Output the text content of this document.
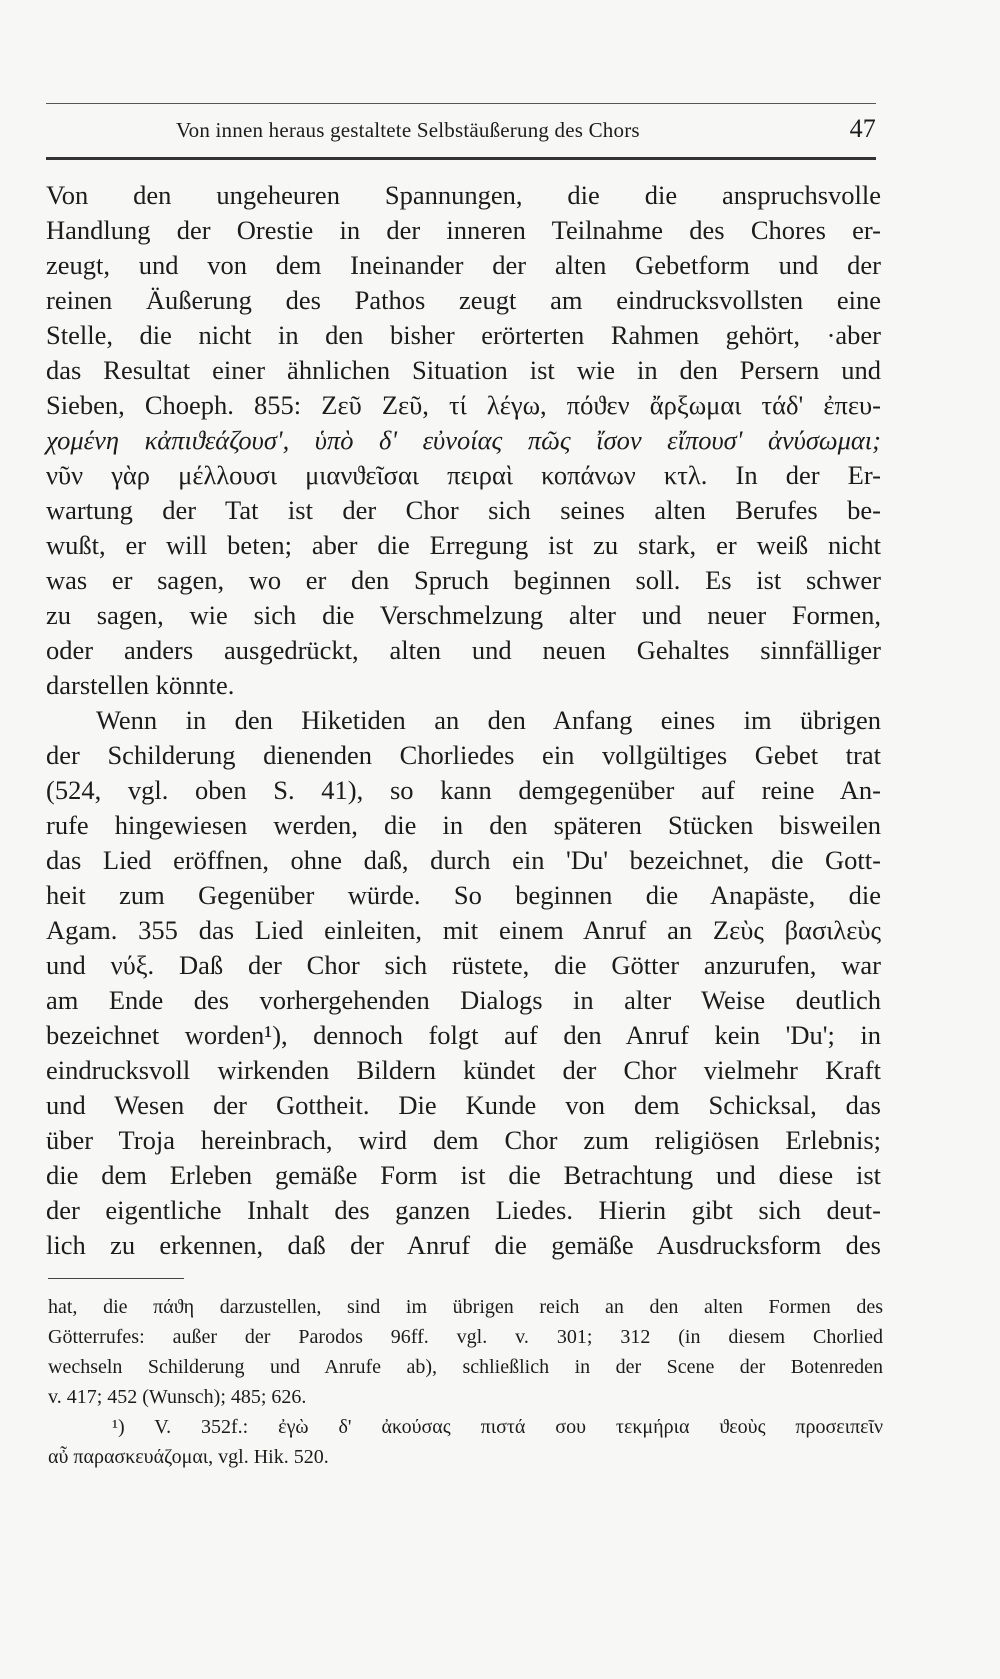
Von innen heraus gestaltete Selbstäußerung des Chors	47
Von den ungeheuren Spannungen, die die anspruchsvolle
Handlung der Orestie in der inneren Teilnahme des Chores er-
zeugt, und von dem Ineinander der alten Gebetform und der
reinen Äußerung des Pathos zeugt am eindrucksvollsten eine
Stelle, die nicht in den bisher erörterten Rahmen gehört, ·aber
das Resultat einer ähnlichen Situation ist wie in den Persern und
Sieben, Choeph. 855: Ζεῦ Ζεῦ, τί λέγω, πόϑεν ἄρξωμαι τάδ' ἐπευ-
χομένη κἀπιϑεάζουσ', ὑπὸ δ' εὐνοίας πῶς ἴσον εἴπουσ' ἀνύσωμαι;
νῦν γὰρ μέλλουσι μιανϑεῖσαι πειραὶ κοπάνων κτλ. In der Er-
wartung der Tat ist der Chor sich seines alten Berufes be-
wußt, er will beten; aber die Erregung ist zu stark, er weiß nicht
was er sagen, wo er den Spruch beginnen soll. Es ist schwer
zu sagen, wie sich die Verschmelzung alter und neuer Formen,
oder anders ausgedrückt, alten und neuen Gehaltes sinnfälliger
darstellen könnte.
Wenn in den Hiketiden an den Anfang eines im übrigen
der Schilderung dienenden Chorliedes ein vollgültiges Gebet trat
(524, vgl. oben S. 41), so kann demgegenüber auf reine An-
rufe hingewiesen werden, die in den späteren Stücken bisweilen
das Lied eröffnen, ohne daß, durch ein 'Du' bezeichnet, die Gott-
heit zum Gegenüber würde. So beginnen die Anapäste, die
Agam. 355 das Lied einleiten, mit einem Anruf an Ζεὺς βασιλεὺς
und νύξ. Daß der Chor sich rüstete, die Götter anzurufen, war
am Ende des vorhergehenden Dialogs in alter Weise deutlich
bezeichnet worden¹), dennoch folgt auf den Anruf kein 'Du'; in
eindrucksvoll wirkenden Bildern kündet der Chor vielmehr Kraft
und Wesen der Gottheit. Die Kunde von dem Schicksal, das
über Troja hereinbrach, wird dem Chor zum religiösen Erlebnis;
die dem Erleben gemäße Form ist die Betrachtung und diese ist
der eigentliche Inhalt des ganzen Liedes. Hierin gibt sich deut-
lich zu erkennen, daß der Anruf die gemäße Ausdrucksform des
hat, die πάϑη darzustellen, sind im übrigen reich an den alten Formen des
Götterrufes: außer der Parodos 96ff. vgl. v. 301; 312 (in diesem Chorlied
wechseln Schilderung und Anrufe ab), schließlich in der Scene der Botenreden
v. 417; 452 (Wunsch); 485; 626.
¹) V. 352f.: ἐγὼ δ' ἀκούσας πιστά σου τεκμήρια ϑεοὺς προσειπεῖν
αὖ παρασκευάζομαι, vgl. Hik. 520.
